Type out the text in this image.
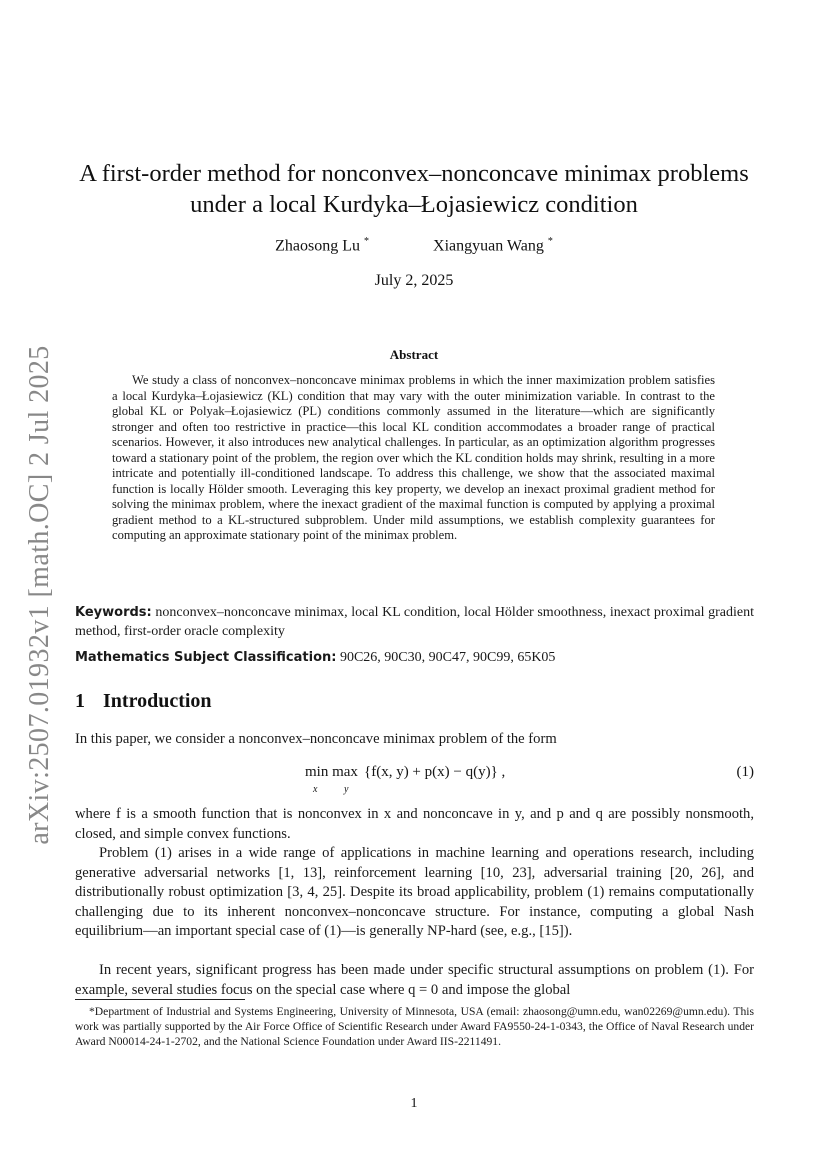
arXiv:2507.01932v1 [math.OC] 2 Jul 2025
A first-order method for nonconvex–nonconcave minimax problems
under a local Kurdyka–Łojasiewicz condition
Zhaosong Lu *	Xiangyuan Wang *
July 2, 2025
Abstract
We study a class of nonconvex–nonconcave minimax problems in which the inner maximization problem satisfies a local Kurdyka–Łojasiewicz (KL) condition that may vary with the outer minimization variable. In contrast to the global KL or Polyak–Łojasiewicz (PL) conditions commonly assumed in the literature—which are significantly stronger and often too restrictive in practice—this local KL condition accommodates a broader range of practical scenarios. However, it also introduces new analytical challenges. In particular, as an optimization algorithm progresses toward a stationary point of the problem, the region over which the KL condition holds may shrink, resulting in a more intricate and potentially ill-conditioned landscape. To address this challenge, we show that the associated maximal function is locally Hölder smooth. Leveraging this key property, we develop an inexact proximal gradient method for solving the minimax problem, where the inexact gradient of the maximal function is computed by applying a proximal gradient method to a KL-structured subproblem. Under mild assumptions, we establish complexity guarantees for computing an approximate stationary point of the minimax problem.
Keywords: nonconvex–nonconcave minimax, local KL condition, local Hölder smoothness, inexact proximal gradient method, first-order oracle complexity
Mathematics Subject Classification: 90C26, 90C30, 90C47, 90C99, 65K05
1 Introduction
In this paper, we consider a nonconvex–nonconcave minimax problem of the form
min max
x	y
{f(x, y) + p(x) − q(y)} ,	(1)
where f is a smooth function that is nonconvex in x and nonconcave in y, and p and q are possibly nonsmooth, closed, and simple convex functions.
Problem (1) arises in a wide range of applications in machine learning and operations research, including generative adversarial networks [1, 13], reinforcement learning [10, 23], adversarial training [20, 26], and distributionally robust optimization [3, 4, 25]. Despite its broad applicability, problem (1) remains computationally challenging due to its inherent nonconvex–nonconcave structure. For instance, computing a global Nash equilibrium—an important special case of (1)—is generally NP-hard (see, e.g., [15]).
In recent years, significant progress has been made under specific structural assumptions on problem (1). For example, several studies focus on the special case where q = 0 and impose the global
*Department of Industrial and Systems Engineering, University of Minnesota, USA (email: zhaosong@umn.edu, wan02269@umn.edu). This work was partially supported by the Air Force Office of Scientific Research under Award FA9550-24-1-0343, the Office of Naval Research under Award N00014-24-1-2702, and the National Science Foundation under Award IIS-2211491.
1
